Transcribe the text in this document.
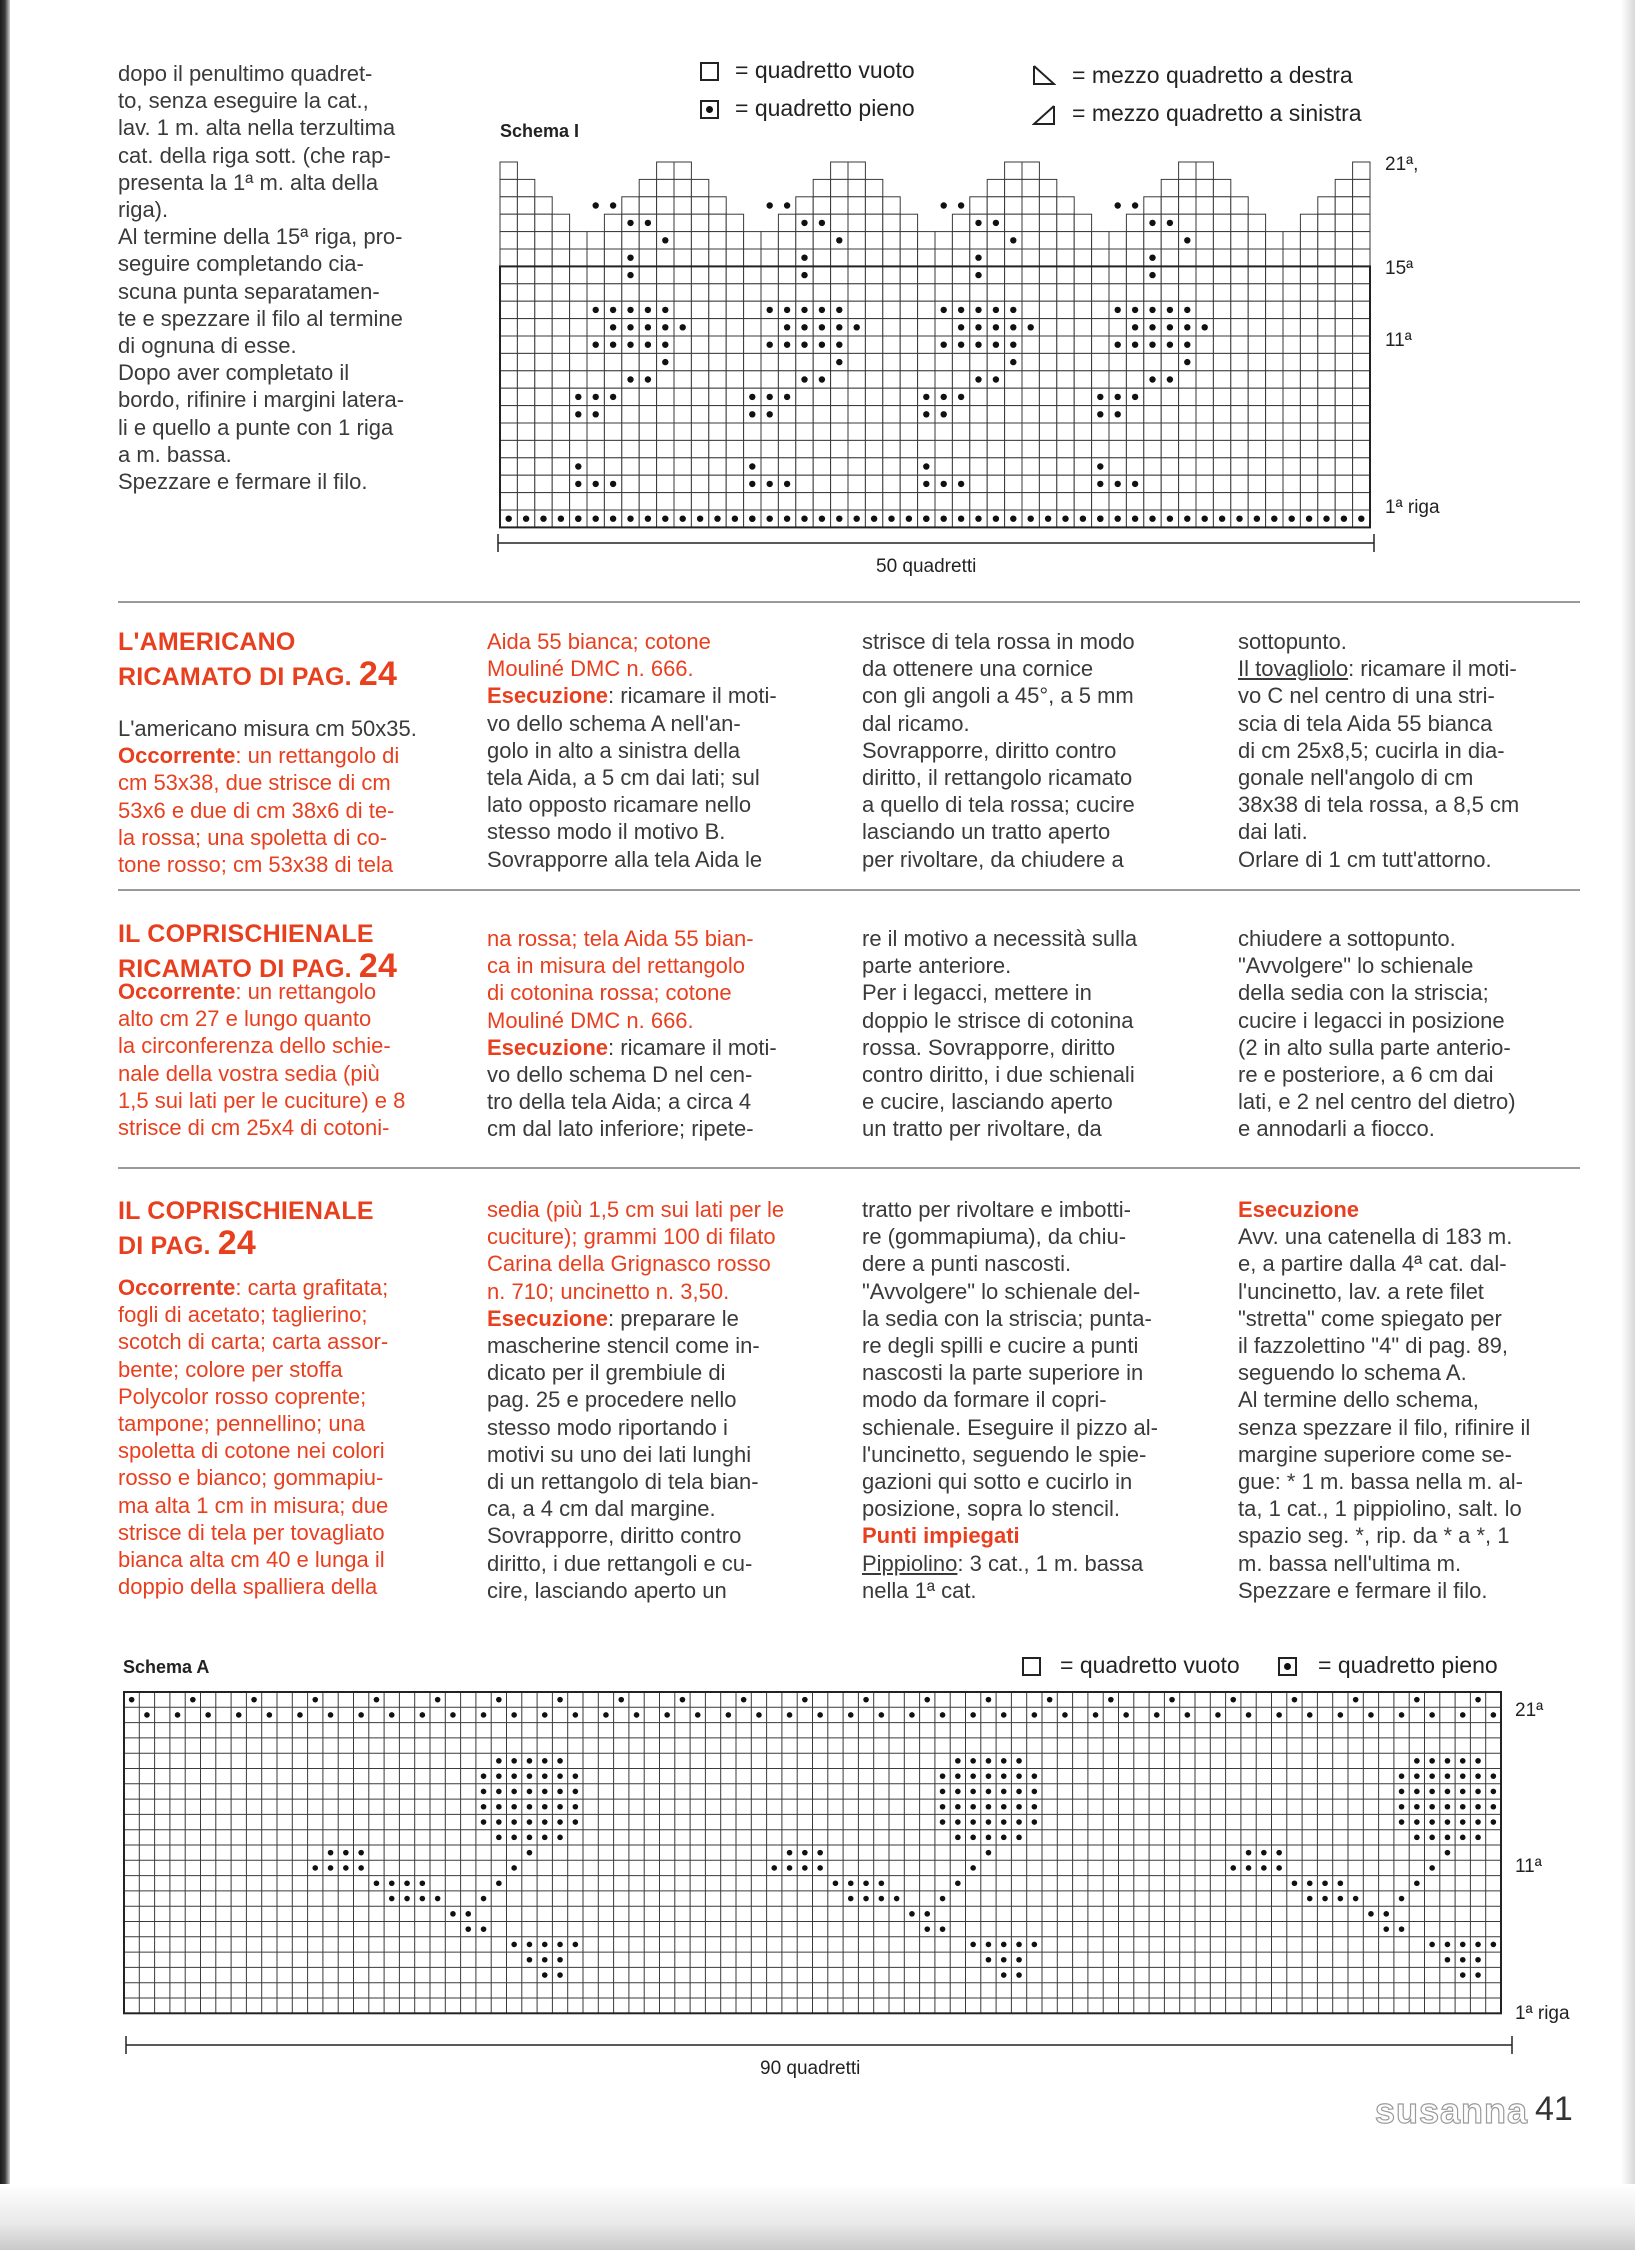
dopo il penultimo quadret-
to, senza eseguire la cat.,
lav. 1 m. alta nella terzultima
cat. della riga sott. (che rap-
presenta la 1ª m. alta della
riga).
Al termine della 15ª riga, pro-
seguire completando cia-
scuna punta separatamen-
te e spezzare il filo al termine
di ognuna di esse.
Dopo aver completato il
bordo, rifinire i margini latera-
li e quello a punte con 1 riga
a m. bassa.
Spezzare e fermare il filo.
= quadretto vuoto
= quadretto pieno
= mezzo quadretto a destra
= mezzo quadretto a sinistra
Schema I
21ª,
15ª
11ª
1ª riga
50 quadretti
L'AMERICANO
RICAMATO DI PAG. 24
L'americano misura cm 50x35.
Occorrente: un rettangolo di
cm 53x38, due strisce di cm
53x6 e due di cm 38x6 di te-
la rossa; una spoletta di co-
tone rosso; cm 53x38 di tela
Aida 55 bianca; cotone
Mouliné DMC n. 666.
Esecuzione: ricamare il moti-
vo dello schema A nell'an-
golo in alto a sinistra della
tela Aida, a 5 cm dai lati; sul
lato opposto ricamare nello
stesso modo il motivo B.
Sovrapporre alla tela Aida le
strisce di tela rossa in modo
da ottenere una cornice
con gli angoli a 45°, a 5 mm
dal ricamo.
Sovrapporre, diritto contro
diritto, il rettangolo ricamato
a quello di tela rossa; cucire
lasciando un tratto aperto
per rivoltare, da chiudere a
sottopunto.
Il tovagliolo: ricamare il moti-
vo C nel centro di una stri-
scia di tela Aida 55 bianca
di cm 25x8,5; cucirla in dia-
gonale nell'angolo di cm
38x38 di tela rossa, a 8,5 cm
dai lati.
Orlare di 1 cm tutt'attorno.
IL COPRISCHIENALE
RICAMATO DI PAG. 24
Occorrente: un rettangolo
alto cm 27 e lungo quanto
la circonferenza dello schie-
nale della vostra sedia (più
1,5 sui lati per le cuciture) e 8
strisce di cm 25x4 di cotoni-
na rossa; tela Aida 55 bian-
ca in misura del rettangolo
di cotonina rossa; cotone
Mouliné DMC n. 666.
Esecuzione: ricamare il moti-
vo dello schema D nel cen-
tro della tela Aida; a circa 4
cm dal lato inferiore; ripete-
re il motivo a necessità sulla
parte anteriore.
Per i legacci, mettere in
doppio le strisce di cotonina
rossa. Sovrapporre, diritto
contro diritto, i due schienali
e cucire, lasciando aperto
un tratto per rivoltare, da
chiudere a sottopunto.
"Avvolgere" lo schienale
della sedia con la striscia;
cucire i legacci in posizione
(2 in alto sulla parte anterio-
re e posteriore, a 6 cm dai
lati, e 2 nel centro del dietro)
e annodarli a fiocco.
IL COPRISCHIENALE
DI PAG. 24
Occorrente: carta grafitata;
fogli di acetato; taglierino;
scotch di carta; carta assor-
bente; colore per stoffa
Polycolor rosso coprente;
tampone; pennellino; una
spoletta di cotone nei colori
rosso e bianco; gommapiu-
ma alta 1 cm in misura; due
strisce di tela per tovagliato
bianca alta cm 40 e lunga il
doppio della spalliera della
sedia (più 1,5 cm sui lati per le
cuciture); grammi 100 di filato
Carina della Grignasco rosso
n. 710; uncinetto n. 3,50.
Esecuzione: preparare le
mascherine stencil come in-
dicato per il grembiule di
pag. 25 e procedere nello
stesso modo riportando i
motivi su uno dei lati lunghi
di un rettangolo di tela bian-
ca, a 4 cm dal margine.
Sovrapporre, diritto contro
diritto, i due rettangoli e cu-
cire, lasciando aperto un
tratto per rivoltare e imbotti-
re (gommapiuma), da chiu-
dere a punti nascosti.
"Avvolgere" lo schienale del-
la sedia con la striscia; punta-
re degli spilli e cucire a punti
nascosti la parte superiore in
modo da formare il copri-
schienale. Eseguire il pizzo al-
l'uncinetto, seguendo le spie-
gazioni qui sotto e cucirlo in
posizione, sopra lo stencil.
Punti impiegati
Pippiolino: 3 cat., 1 m. bassa
nella 1ª cat.
Esecuzione
Avv. una catenella di 183 m.
e, a partire dalla 4ª cat. dal-
l'uncinetto, lav. a rete filet
"stretta" come spiegato per
il fazzolettino "4" di pag. 89,
seguendo lo schema A.
Al termine dello schema,
senza spezzare il filo, rifinire il
margine superiore come se-
gue: * 1 m. bassa nella m. al-
ta, 1 cat., 1 pippiolino, salt. lo
spazio seg. *, rip. da * a *, 1
m. bassa nell'ultima m.
Spezzare e fermare il filo.
Schema A	= quadretto vuoto	= quadretto pieno
21ª
11ª
1ª riga
90 quadretti
susanna 41
